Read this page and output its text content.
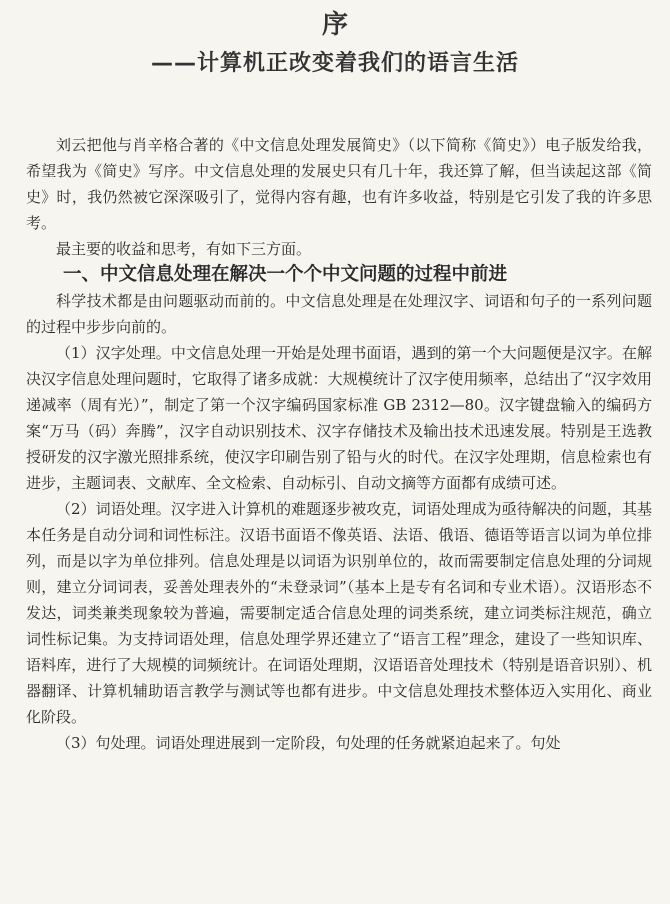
序
——计算机正改变着我们的语言生活

刘云把他与肖辛格合著的《中文信息处理发展简史》（以下简称《简史》）电子版发给我，希望我为《简史》写序。中文信息处理的发展史只有几十年，我还算了解，但当读起这部《简史》时，我仍然被它深深吸引了，觉得内容有趣，也有许多收益，特别是它引发了我的许多思考。

最主要的收益和思考，有如下三方面。

一、中文信息处理在解决一个个中文问题的过程中前进

科学技术都是由问题驱动而前的。中文信息处理是在处理汉字、词语和句子的一系列问题的过程中步步向前的。

（1）汉字处理。中文信息处理一开始是处理书面语，遇到的第一个大问题便是汉字。在解决汉字信息处理问题时，它取得了诸多成就：大规模统计了汉字使用频率，总结出了“汉字效用递减率（周有光）”，制定了第一个汉字编码国家标准 GB 2312—80。汉字键盘输入的编码方案“万马（码）奔腾”，汉字自动识别技术、汉字存储技术及输出技术迅速发展。特别是王选教授研发的汉字激光照排系统，使汉字印刷告别了铅与火的时代。在汉字处理期，信息检索也有进步，主题词表、文献库、全文检索、自动标引、自动文摘等方面都有成绩可述。

（2）词语处理。汉字进入计算机的难题逐步被攻克，词语处理成为亟待解决的问题，其基本任务是自动分词和词性标注。汉语书面语不像英语、法语、俄语、德语等语言以词为单位排列，而是以字为单位排列。信息处理是以词语为识别单位的，故而需要制定信息处理的分词规则，建立分词词表，妥善处理表外的“未登录词”（基本上是专有名词和专业术语）。汉语形态不发达，词类兼类现象较为普遍，需要制定适合信息处理的词类系统，建立词类标注规范，确立词性标记集。为支持词语处理，信息处理学界还建立了“语言工程”理念，建设了一些知识库、语料库，进行了大规模的词频统计。在词语处理期，汉语语音处理技术（特别是语音识别）、机器翻译、计算机辅助语言教学与测试等也都有进步。中文信息处理技术整体迈入实用化、商业化阶段。

（3）句处理。词语处理进展到一定阶段，句处理的任务就紧迫起来了。句处
